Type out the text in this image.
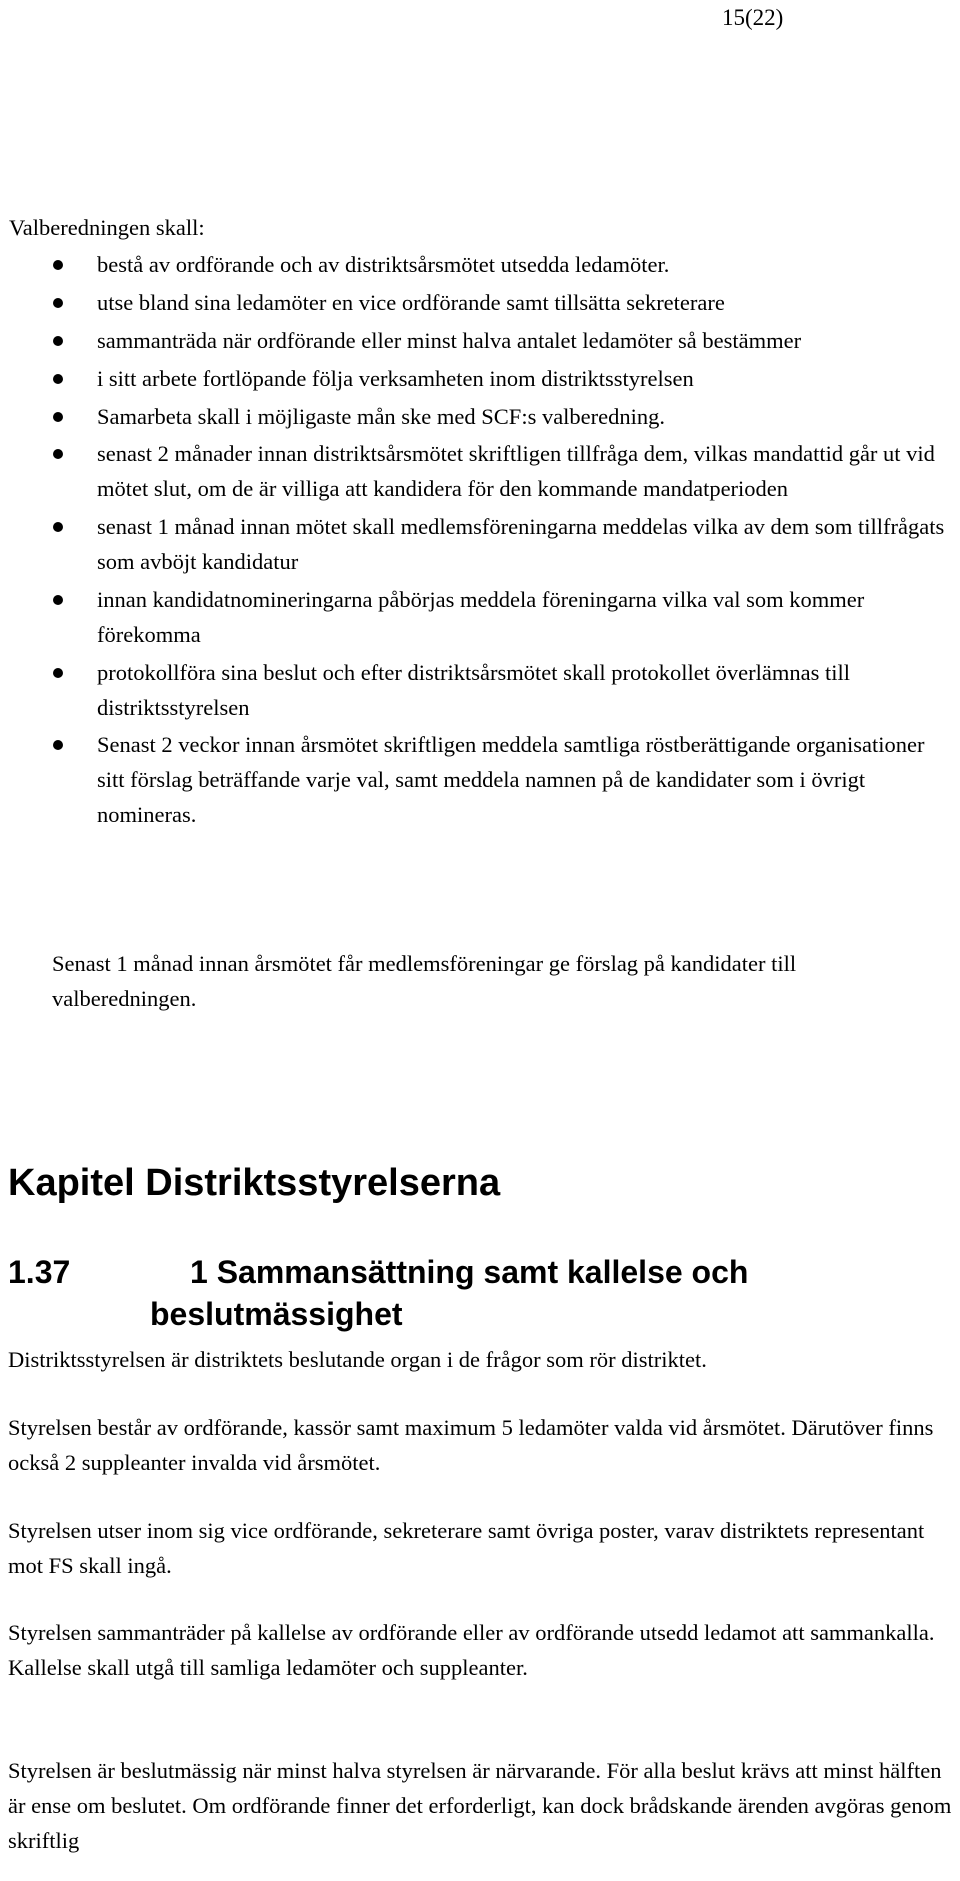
15(22)

Valberedningen skall:

bestå av ordförande och av distriktsårsmötet utsedda ledamöter.
utse bland sina ledamöter en vice ordförande samt tillsätta sekreterare
sammanträda när ordförande eller minst halva antalet ledamöter så bestämmer
i sitt arbete fortlöpande följa verksamheten inom distriktsstyrelsen
Samarbeta skall i möjligaste mån ske med SCF:s valberedning.
senast 2 månader innan distriktsårsmötet skriftligen tillfråga dem, vilkas mandattid går ut vid mötet slut, om de är villiga att kandidera för den kommande mandatperioden
senast 1 månad innan mötet skall medlemsföreningarna meddelas vilka av dem som tillfrågats som avböjt kandidatur
innan kandidatnomineringarna påbörjas meddela föreningarna vilka val som kommer förekomma
protokollföra sina beslut och efter distriktsårsmötet skall protokollet överlämnas till distriktsstyrelsen
Senast 2 veckor innan årsmötet skriftligen meddela samtliga röstberättigande organisationer sitt förslag beträffande varje val, samt meddela namnen på de kandidater som i övrigt nomineras.

Senast 1 månad innan årsmötet får medlemsföreningar ge förslag på kandidater till valberedningen.

Kapitel Distriktsstyrelserna
1.37	1 Sammansättning samt kallelse och
beslutmässighet

Distriktsstyrelsen är distriktets beslutande organ i de frågor som rör distriktet.

Styrelsen består av ordförande, kassör samt maximum 5 ledamöter valda vid årsmötet. Därutöver finns också 2 suppleanter invalda vid årsmötet.

Styrelsen utser inom sig vice ordförande, sekreterare samt övriga poster, varav distriktets representant mot FS skall ingå.

Styrelsen sammanträder på kallelse av ordförande eller av ordförande utsedd ledamot att sammankalla. Kallelse skall utgå till samliga ledamöter och suppleanter.

Styrelsen är beslutmässig när minst halva styrelsen är närvarande. För alla beslut krävs att minst hälften är ense om beslutet. Om ordförande finner det erforderligt, kan dock brådskande ärenden avgöras genom skriftlig
